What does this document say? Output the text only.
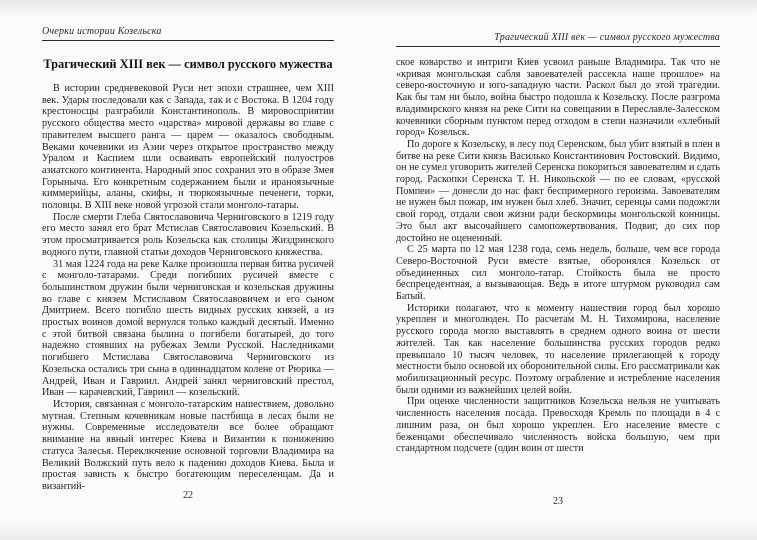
Очерки истории Козельска
Трагический XIII век — символ русского мужества

В истории средневековой Руси нет эпохи страшнее, чем XIII век. Удары последовали как с Запада, так и с Востока. В 1204 году крестоносцы разграбили Константинополь. В мировосприятии русского общества место «царства» мировой державы во главе с правителем высшего ранга — царем — оказалось свободным. Веками кочевники из Азии через открытое пространство между Уралом и Каспием шли осваивать европейский полуостров азиатского континента. Народный эпос сохранил это в образе Змея Горыныча. Его конкретным содержанием были и ираноязычные киммерийцы, аланы, скифы, и тюркоязычные печенеги, торки, половцы. В XIII веке новой угрозой стали монголо-татары.

После смерти Глеба Святославовича Черниговского в 1219 году его место занял его брат Мстислав Святославович Козельский. В этом просматривается роль Козельска как столицы Жиздринского водного пути, главной статьи доходов Черниговского княжества.

31 мая 1224 года на реке Калке произошла первая битва русичей с монголо-татарами. Среди погибших русичей вместе с большинством дружин были черниговская и козельская дружины во главе с князем Мстиславом Святославовичем и его сыном Дмитрием. Всего погибло шесть видных русских князей, а из простых воинов домой вернулся только каждый десятый. Именно с этой битвой связана былина о погибели богатырей, до того надежно стоявших на рубежах Земли Русской. Наследниками погибшего Мстислава Святославовича Черниговского из Козельска остались три сына в одиннадцатом колене от Рюрика — Андрей, Иван и Гавриил. Андрей занял черниговский престол, Иван — карачевский, Гавриил — козельский.

История, связанная с монголо-татарским нашествием, довольно мутная. Степным кочевникам новые пастбища в лесах были не нужны. Современные исследователи все более обращают внимание на явный интерес Киева и Византии к понижению статуса Залесья. Переключение основной торговли Владимира на Великий Волжский путь вело к падению доходов Киева. Была и простая зависть к быстро богатеющим переселенцам. Да и византий-

22
Трагический XIII век — символ русского мужества

ское коварство и интриги Киев усвоил раньше Владимира. Так что не «кривая монгольская сабля завоевателей рассекла наше прошлое» на северо-восточную и юго-западную части. Раскол был до этой трагедии. Как бы там ни было, война быстро подошла к Козельску. После разгрома владимирского князя на реке Сити на совещании в Переславле-Залесском кочевники сборным пунктом перед отходом в степи назначили «хлебный город» Козельск.

По дороге к Козельску, в лесу под Серенском, был убит взятый в плен в битве на реке Сити князь Василько Константинович Ростовский. Видимо, он не сумел уговорить жителей Серенска покориться завоевателям и сдать город. Раскопки Серенска Т. Н. Никольской — по ее словам, «русской Помпеи» — донесли до нас факт беспримерного героизма. Завоевателям не нужен был пожар, им нужен был хлеб. Значит, серенцы сами подожгли свой город, отдали свои жизни ради бескормицы монгольской конницы. Это был акт высочайшего самопожертвования. Подвиг, до сих пор достойно не оцененный.

С 25 марта по 12 мая 1238 года, семь недель, больше, чем все города Северо-Восточной Руси вместе взятые, оборонялся Козельск от объединенных сил монголо-татар. Стойкость была не просто беспрецедентная, а вызывающая. Ведь в итоге штурмом руководил сам Батый.

Историки полагают, что к моменту нашествия город был хорошо укреплен и многолюден. По расчетам М. Н. Тихомирова, население русского города могло выставлять в среднем одного воина от шести жителей. Так как население большинства русских городов редко превышало 10 тысяч человек, то население прилегающей к городу местности было основой их оборонительной силы. Его рассматривали как мобилизационный ресурс. Поэтому ограбление и истребление населения были одними из важнейших целей войн.

При оценке численности защитников Козельска нельзя не учитывать численность населения посада. Превосходя Кремль по площади в 4 с лишним раза, он был хорошо укреплен. Его население вместе с беженцами обеспечивало численность войска большую, чем при стандартном подсчете (один воин от шести

23
